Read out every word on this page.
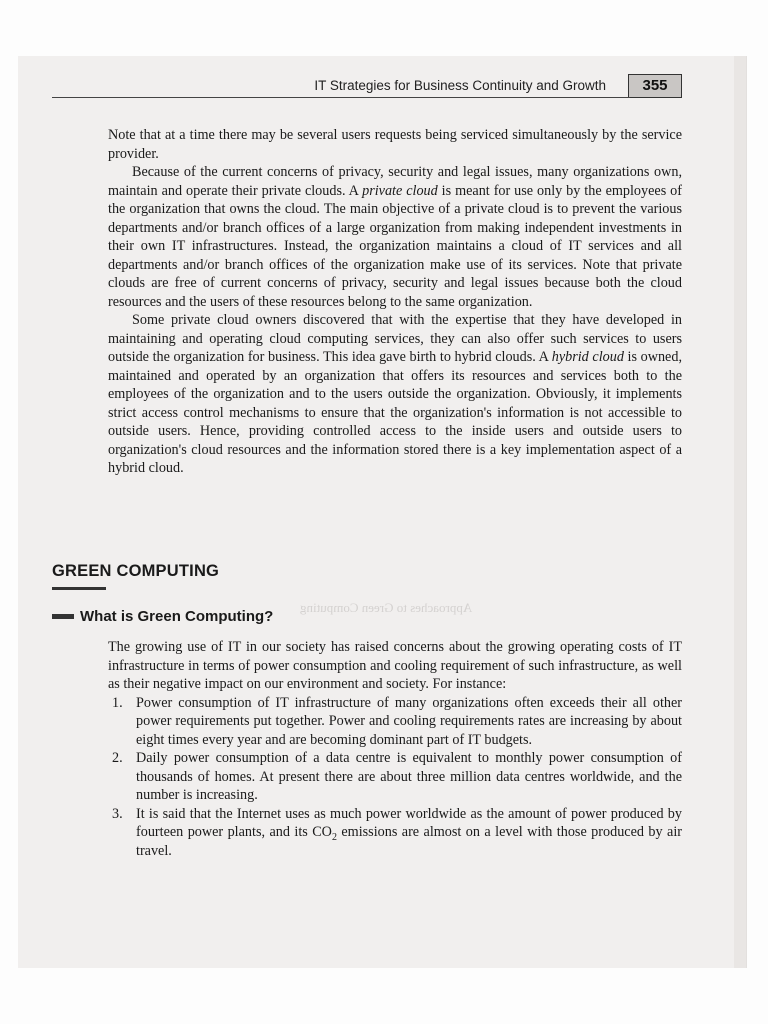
Approaches to Green Computing
IT Strategies for Business Continuity and Growth	355

Note that at a time there may be several users requests being serviced simultaneously by the service provider.

Because of the current concerns of privacy, security and legal issues, many organizations own, maintain and operate their private clouds. A private cloud is meant for use only by the employees of the organization that owns the cloud. The main objective of a private cloud is to prevent the various departments and/or branch offices of a large organization from making independent investments in their own IT infrastructures. Instead, the organization maintains a cloud of IT services and all departments and/or branch offices of the organization make use of its services. Note that private clouds are free of current concerns of privacy, security and legal issues because both the cloud resources and the users of these resources belong to the same organization.

Some private cloud owners discovered that with the expertise that they have developed in maintaining and operating cloud computing services, they can also offer such services to users outside the organization for business. This idea gave birth to hybrid clouds. A hybrid cloud is owned, maintained and operated by an organization that offers its resources and services both to the employees of the organization and to the users outside the organization. Obviously, it implements strict access control mechanisms to ensure that the organization's information is not accessible to outside users. Hence, providing controlled access to the inside users and outside users to organization's cloud resources and the information stored there is a key implementation aspect of a hybrid cloud.

GREEN COMPUTING
What is Green Computing?

The growing use of IT in our society has raised concerns about the growing operating costs of IT infrastructure in terms of power consumption and cooling requirement of such infrastructure, as well as their negative impact on our environment and society. For instance:

1. Power consumption of IT infrastructure of many organizations often exceeds their all other power requirements put together. Power and cooling requirements rates are increasing by about eight times every year and are becoming dominant part of IT budgets.
2. Daily power consumption of a data centre is equivalent to monthly power consumption of thousands of homes. At present there are about three million data centres worldwide, and the number is increasing.
3. It is said that the Internet uses as much power worldwide as the amount of power produced by fourteen power plants, and its $CO_2$ emissions are almost on a level with those produced by air travel.
